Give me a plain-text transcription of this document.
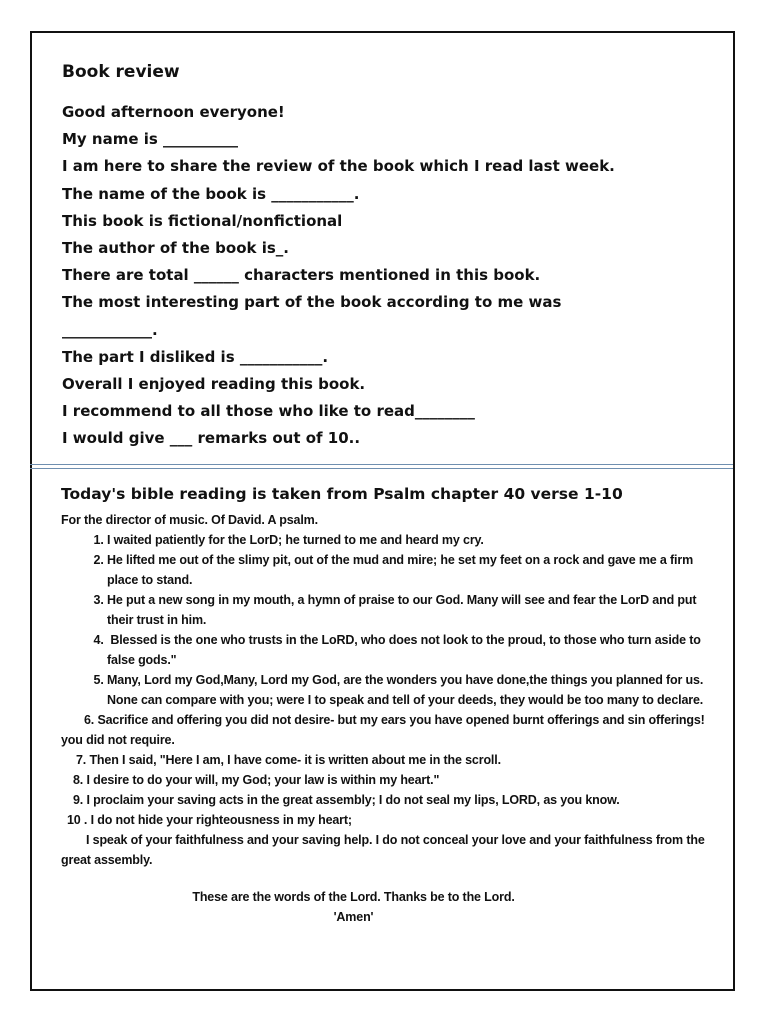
Book review
Good afternoon everyone!
My name is __________
I am here to share the review of the book which I read last week.
The name of the book is ___________.
This book is fictional/nonfictional
The author of the book is_.
There are total ______ characters mentioned in this book.
The most interesting part of the book according to me was
____________.
The part I disliked is ___________.
Overall I enjoyed reading this book.
I recommend to all those who like to read________
I would give ___ remarks out of 10..
Today's bible reading is taken from Psalm chapter 40 verse 1-10
For the director of music. Of David. A psalm.
1. I waited patiently for the LorD; he turned to me and heard my cry.
2. He lifted me out of the slimy pit, out of the mud and mire; he set my feet on a rock and gave me a firm place to stand.
3. He put a new song in my mouth, a hymn of praise to our God. Many will see and fear the LorD and put their trust in him.
4.  Blessed is the one who trusts in the LoRD, who does not look to the proud, to those who turn aside to false gods."
5. Many, Lord my God,Many, Lord my God, are the wonders you have done,the things you planned for us. None can compare with you; were I to speak and tell of your deeds, they would be too many to declare.

6. Sacrifice and offering you did not desire- but my ears you have opened burnt offerings and sin offerings! you did not require.

7. Then I said, "Here I am, I have come- it is written about me in the scroll.

8. I desire to do your will, my God; your law is within my heart."

9. I proclaim your saving acts in the great assembly; I do not seal my lips, LORD, as you know.

10 . I do not hide your righteousness in my heart;

I speak of your faithfulness and your saving help. I do not conceal your love and your faithfulness from the great assembly.

These are the words of the Lord. Thanks be to the Lord.
'Amen'
